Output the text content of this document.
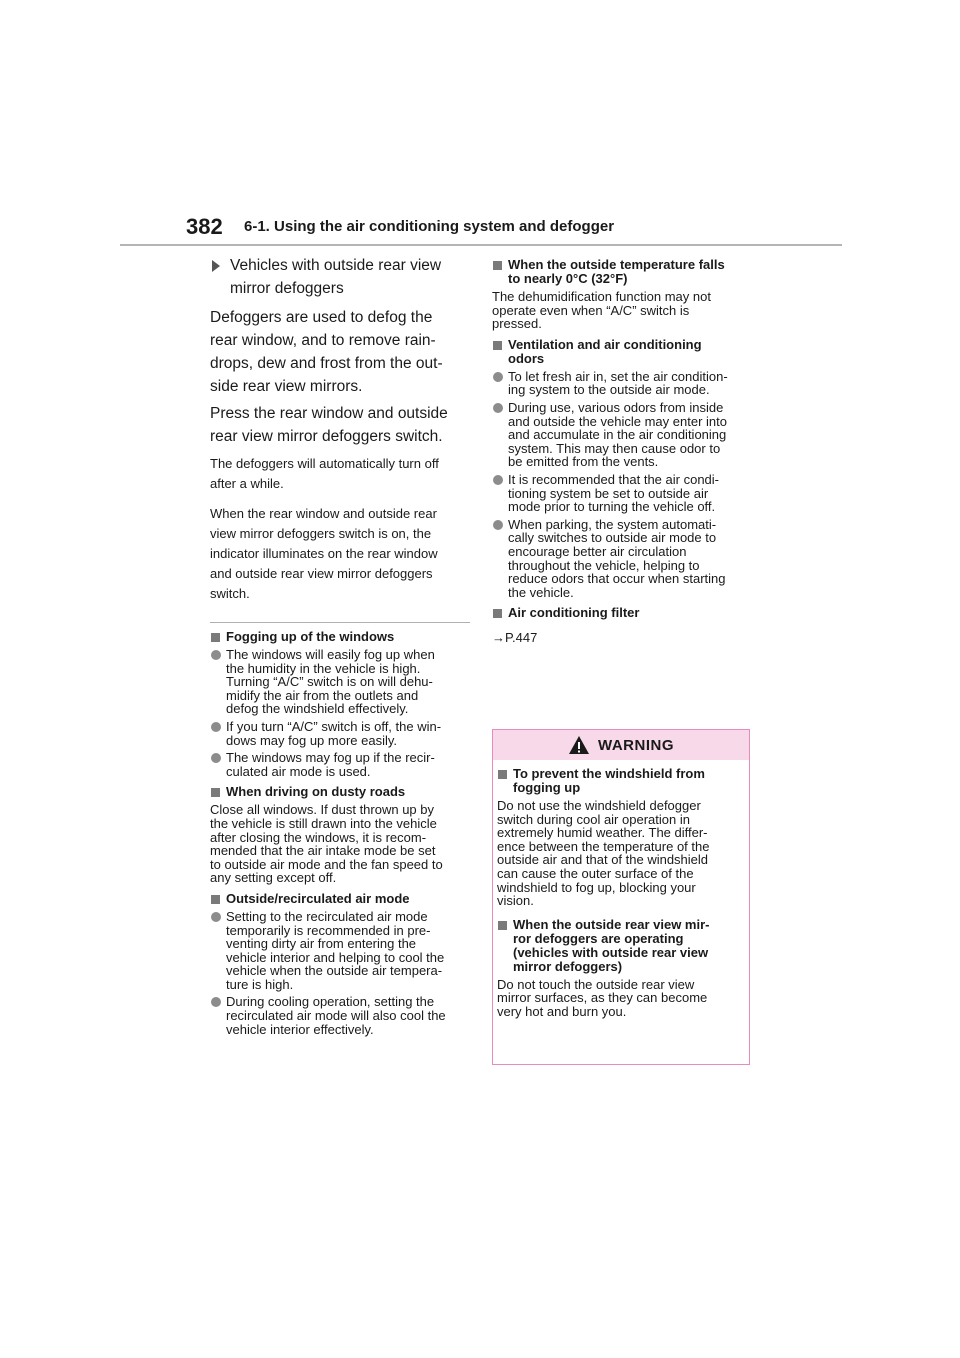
382 6-1. Using the air conditioning system and defogger
Vehicles with outside rear view
mirror defoggers
Defoggers are used to defog the
rear window, and to remove rain-
drops, dew and frost from the out-
side rear view mirrors.
Press the rear window and outside
rear view mirror defoggers switch.
The defoggers will automatically turn off
after a while.
When the rear window and outside rear
view mirror defoggers switch is on, the
indicator illuminates on the rear window
and outside rear view mirror defoggers
switch.
Fogging up of the windows
The windows will easily fog up when
the humidity in the vehicle is high.
Turning “A/C” switch is on will dehu-
midify the air from the outlets and
defog the windshield effectively.
If you turn “A/C” switch is off, the win-
dows may fog up more easily.
The windows may fog up if the recir-
culated air mode is used.
When driving on dusty roads
Close all windows. If dust thrown up by
the vehicle is still drawn into the vehicle
after closing the windows, it is recom-
mended that the air intake mode be set
to outside air mode and the fan speed to
any setting except off.
Outside/recirculated air mode
Setting to the recirculated air mode
temporarily is recommended in pre-
venting dirty air from entering the
vehicle interior and helping to cool the
vehicle when the outside air tempera-
ture is high.
During cooling operation, setting the
recirculated air mode will also cool the
vehicle interior effectively.
When the outside temperature falls
to nearly 0°C (32°F)
The dehumidification function may not
operate even when “A/C” switch is
pressed.
Ventilation and air conditioning
odors
To let fresh air in, set the air condition-
ing system to the outside air mode.
During use, various odors from inside
and outside the vehicle may enter into
and accumulate in the air conditioning
system. This may then cause odor to
be emitted from the vents.
It is recommended that the air condi-
tioning system be set to outside air
mode prior to turning the vehicle off.
When parking, the system automati-
cally switches to outside air mode to
encourage better air circulation
throughout the vehicle, helping to
reduce odors that occur when starting
the vehicle.
Air conditioning filter
→P.447
WARNING
To prevent the windshield from
fogging up
Do not use the windshield defogger
switch during cool air operation in
extremely humid weather. The differ-
ence between the temperature of the
outside air and that of the windshield
can cause the outer surface of the
windshield to fog up, blocking your
vision.
When the outside rear view mir-
ror defoggers are operating
(vehicles with outside rear view
mirror defoggers)
Do not touch the outside rear view
mirror surfaces, as they can become
very hot and burn you.
